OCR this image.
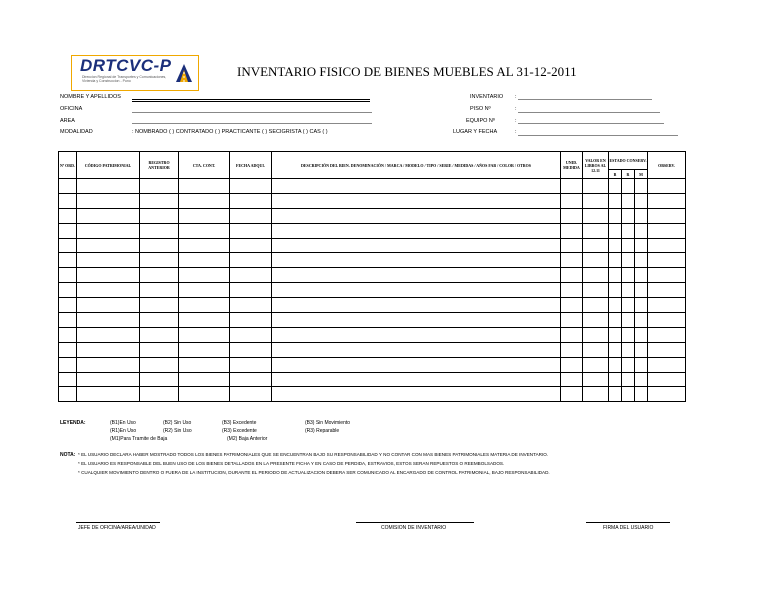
DRTCVC-P
Direccion Regional de Transportes y Comunicaciones, Vivienda y Construccion - Puno
INVENTARIO FISICO DE BIENES MUEBLES AL 31-12-2011
NOMBRE Y APELLIDOS
OFICINA
AREA
MODALIDAD	: NOMBRADO ( ) CONTRATADO ( ) PRACTICANTE ( ) SECIGRISTA ( ) CAS ( )
INVENTARIO :
PISO Nº	:
EQUIPO Nº	:
LUGAR Y FECHA	:
Nº ORD.	CÓDIGO PATRIMONIAL	REGISTRO ANTERIOR	CTA. CONT.	FECHA ADQUI.	DESCRIPCIÓN DEL BIEN. DENOMINACIÓN / MARCA / MODELO / TIPO / SERIE / MEDIDAS / AÑOS FAB / COLOR / OTROS	UNID. MEDIDA	VALOR EN LIBROS AL 12.11	ESTADO CONSERV.			OBSERV.
								B	R	M	

LEYENDA:	(B1)En Uso	(B2) Sin Uso	(B3) Excedente	(B3) Sin Movimiento
(R1)En Uso	(R2) Sin Uso	(R3) Excedente	(R3) Reparable
(M1)Para Tramite de Baja	(M2) Baja Anterior
NOTA: * EL USUARIO DECLARA HABER MOSTRADO TODOS LOS BIENES PATRIMONIALES QUE SE ENCUENTRAN BAJO SU RESPONSABILIDAD Y NO CONTAR CON MAS BIENES PATRIMONIALES MATERIA DE INVENTARIO.
* EL USUARIO ES RESPONSABLE DEL BUEN USO DE LOS BIENES DETALLADOS EN LA PRESENTE FICHA Y EN CASO DE PERDIDA, ESTRAVIOS, ESTOS SERAN REPUESTOS O REEMBOLSADOS.
* CUALQUIER MOVIMIENTO DENTRO O FUERA DE LA INSTITUCION, DURANTE EL PERIODO DE ACTUALIZACION DEBERA SER COMUNICADO AL ENCARGADO DE CONTROL PATRIMONIAL, BAJO RESPONSABILIDAD.
JEFE DE OFICINA/AREA/UNIDAD	COMISION DE INVENTARIO	FIRMA DEL USUARIO
